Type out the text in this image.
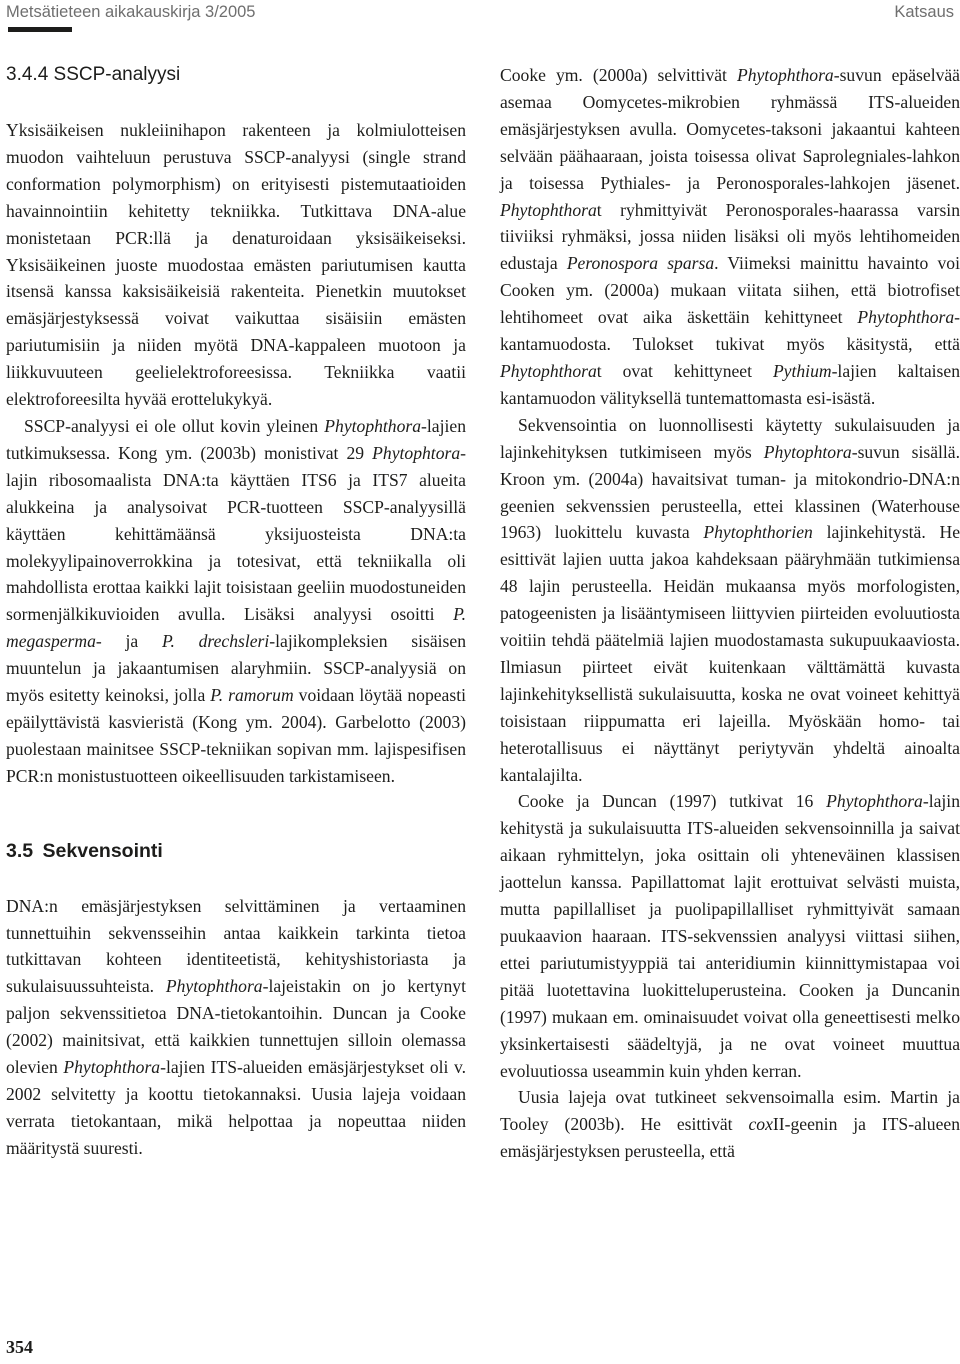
Metsätieteen aikakauskirja 3/2005	Katsaus
3.4.4 SSCP-analyysi

Yksisäikeisen nukleiinihapon rakenteen ja kolmiulotteisen muodon vaihteluun perustuva SSCP-analyysi (single strand conformation polymorphism) on erityisesti pistemutaatioiden havainnointiin kehitetty tekniikka. Tutkittava DNA-alue monistetaan PCR:llä ja denaturoidaan yksisäikeiseksi. Yksisäikeinen juoste muodostaa emästen pariutumisen kautta itsensä kanssa kaksisäikeisiä rakenteita. Pienetkin muutokset emäsjärjestyksessä voivat vaikuttaa sisäisiin emästen pariutumisiin ja niiden myötä DNA-kappaleen muotoon ja liikkuvuuteen geelielektroforeesissa. Tekniikka vaatii elektroforeesilta hyvää erottelukykyä.

SSCP-analyysi ei ole ollut kovin yleinen Phytophthora-lajien tutkimuksessa. Kong ym. (2003b) monistivat 29 Phytophtora-lajin ribosomaalista DNA:ta käyttäen ITS6 ja ITS7 alueita alukkeina ja analysoivat PCR-tuotteen SSCP-analyysillä käyttäen kehittämäänsä yksijuosteista DNA:ta molekyylipainoverrokkina ja totesivat, että tekniikalla oli mahdollista erottaa kaikki lajit toisistaan geeliin muodostuneiden sormenjälkikuvioiden avulla. Lisäksi analyysi osoitti P. megasperma- ja P. drechsleri-lajikompleksien sisäisen muuntelun ja jakaantumisen alaryhmiin. SSCP-analyysiä on myös esitetty keinoksi, jolla P. ramorum voidaan löytää nopeasti epäilyttävistä kasvieristä (Kong ym. 2004). Garbelotto (2003) puolestaan mainitsee SSCP-tekniikan sopivan mm. lajispesifisen PCR:n monistustuotteen oikeellisuuden tarkistamiseen.

3.5 Sekvensointi

DNA:n emäsjärjestyksen selvittäminen ja vertaaminen tunnettuihin sekvensseihin antaa kaikkein tarkinta tietoa tutkittavan kohteen identiteetistä, kehityshistoriasta ja sukulaisuussuhteista. Phytophthora-lajeistakin on jo kertynyt paljon sekvenssitietoa DNA-tietokantoihin. Duncan ja Cooke (2002) mainitsivat, että kaikkien tunnettujen silloin olemassa olevien Phytophthora-lajien ITS-alueiden emäsjärjestykset oli v. 2002 selvitetty ja koottu tietokannaksi. Uusia lajeja voidaan verrata tietokantaan, mikä helpottaa ja nopeuttaa niiden määritystä suuresti.

Cooke ym. (2000a) selvittivät Phytophthora-suvun epäselvää asemaa Oomycetes-mikrobien ryhmässä ITS-alueiden emäsjärjestyksen avulla. Oomycetes-taksoni jakaantui kahteen selvään päähaaraan, joista toisessa olivat Saprolegniales-lahkon ja toisessa Pythiales- ja Peronosporales-lahkojen jäsenet. Phytophthorat ryhmittyivät Peronosporales-haarassa varsin tiiviiksi ryhmäksi, jossa niiden lisäksi oli myös lehtihomeiden edustaja Peronospora sparsa. Viimeksi mainittu havainto voi Cooken ym. (2000a) mukaan viitata siihen, että biotrofiset lehtihomeet ovat aika äskettäin kehittyneet Phytophthora-kantamuodosta. Tulokset tukivat myös käsitystä, että Phytophthorat ovat kehittyneet Pythium-lajien kaltaisen kantamuodon välityksellä tuntemattomasta esi-isästä.

Sekvensointia on luonnollisesti käytetty sukulaisuuden ja lajinkehityksen tutkimiseen myös Phytophtora-suvun sisällä. Kroon ym. (2004a) havaitsivat tuman- ja mitokondrio-DNA:n geenien sekvenssien perusteella, ettei klassinen (Waterhouse 1963) luokittelu kuvasta Phytophthorien lajinkehitystä. He esittivät lajien uutta jakoa kahdeksaan pääryhmään tutkimiensa 48 lajin perusteella. Heidän mukaansa myös morfologisten, patogeenisten ja lisääntymiseen liittyvien piirteiden evoluutiosta voitiin tehdä päätelmiä lajien muodostamasta sukupuukaaviosta. Ilmiasun piirteet eivät kuitenkaan välttämättä kuvasta lajinkehityksellistä sukulaisuutta, koska ne ovat voineet kehittyä toisistaan riippumatta eri lajeilla. Myöskään homo- tai heterotallisuus ei näyttänyt periytyvän yhdeltä ainoalta kantalajilta.

Cooke ja Duncan (1997) tutkivat 16 Phytophthora-lajin kehitystä ja sukulaisuutta ITS-alueiden sekvensoinnilla ja saivat aikaan ryhmittelyn, joka osittain oli yhteneväinen klassisen jaottelun kanssa. Papillattomat lajit erottuivat selvästi muista, mutta papillalliset ja puolipapillalliset ryhmittyivät samaan puukaavion haaraan. ITS-sekvenssien analyysi viittasi siihen, ettei pariutumistyyppiä tai anteridiumin kiinnittymistapaa voi pitää luotettavina luokitteluperusteina. Cooken ja Duncanin (1997) mukaan em. ominaisuudet voivat olla geneettisesti melko yksinkertaisesti säädeltyjä, ja ne ovat voineet muuttua evoluutiossa useammin kuin yhden kerran.

Uusia lajeja ovat tutkineet sekvensoimalla esim. Martin ja Tooley (2003b). He esittivät coxII-geenin ja ITS-alueen emäsjärjestyksen perusteella, että

354
